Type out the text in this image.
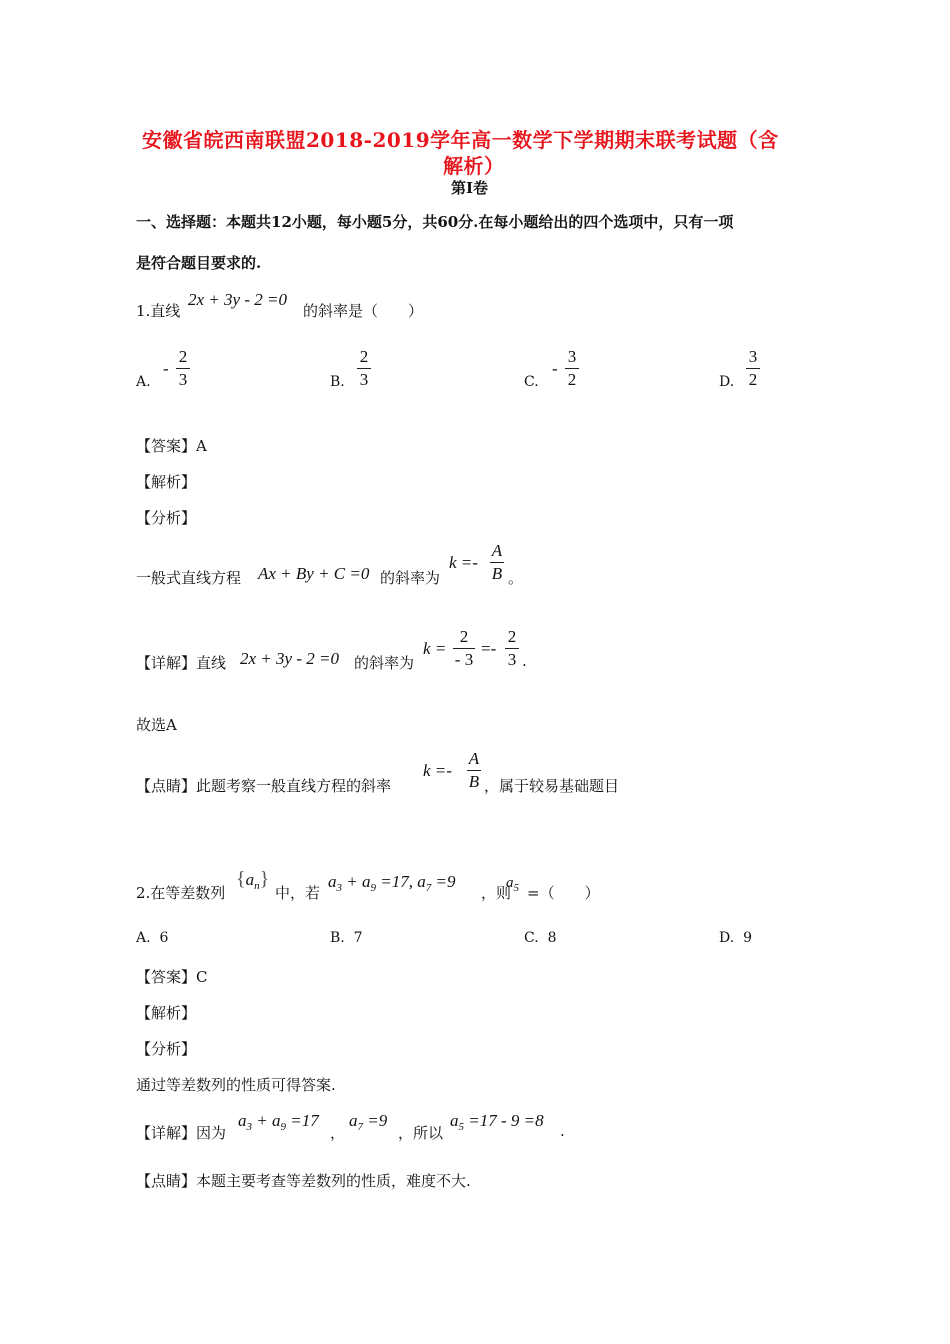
安徽省皖西南联盟2018-2019学年高一数学下学期期末联考试题（含
解析）
第Ⅰ卷
一、选择题：本题共12小题，每小题5分，共60分.在每小题给出的四个选项中，只有一项
是符合题目要求的.
1.直线
2x + 3y - 2 =0
的斜率是（　　）
A.
-
2
3	B.
2
3	C.
-
3
2	D.
3
2
【答案】A
【解析】
【分析】
一般式直线方程 Ax + By + C =0 的斜率为
k =-
A
B 。
【详解】直线 2x + 3y - 2 =0 的斜率为
k =
2
- 3
=-
2
3 .
故选A
【点睛】此题考察一般直线方程的斜率
k =-
A
B ，属于较易基础题目
2.在等差数列
$\{a_n\}$
中，若
$a_3 + a_9 =17$, $a_7 =9$
，则
$a_5$ =（　　）
A. 6	B. 7	C. 8	D. 9
【答案】C
【解析】
【分析】
通过等差数列的性质可得答案.
【详解】因为
$a_3 + a_9 =17$
，
$a_7 =9$
，所以
$a_5 =17 - 9 =8$
.
【点睛】本题主要考查等差数列的性质，难度不大.
